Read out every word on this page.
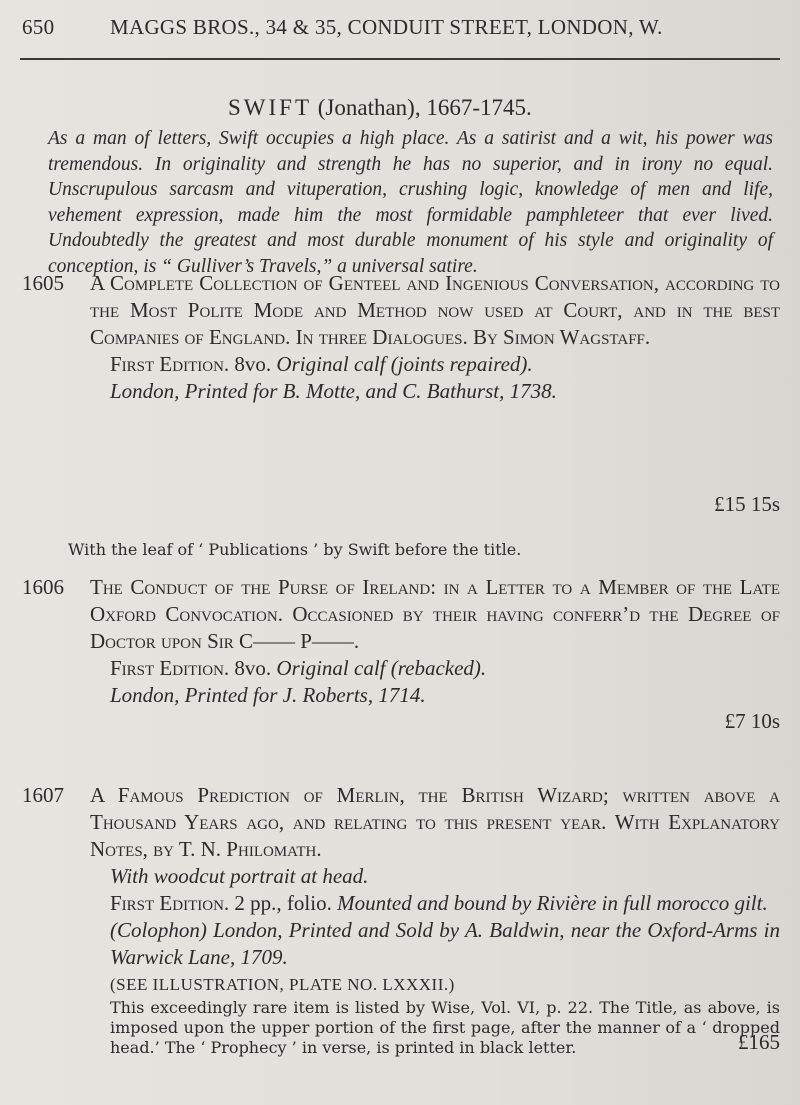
650	MAGGS BROS., 34 & 35, CONDUIT STREET, LONDON, W.
SWIFT (Jonathan), 1667-1745.
As a man of letters, Swift occupies a high place. As a satirist and a wit, his power was tremendous. In originality and strength he has no superior, and in irony no equal. Unscrupulous sarcasm and vituperation, crushing logic, knowledge of men and life, vehement expression, made him the most formidable pamphleteer that ever lived. Undoubtedly the greatest and most durable monument of his style and originality of conception, is “ Gulliver’s Travels,” a universal satire.
1605 A Complete Collection of Genteel and Ingenious Conversation, according to the Most Polite Mode and Method now used at Court, and in the best Companies of England. In three Dialogues. By Simon Wagstaff.
First Edition. 8vo. Original calf (joints repaired).
London, Printed for B. Motte, and C. Bathurst, 1738.
£15 15s
With the leaf of ‘ Publications ’ by Swift before the title.
1606 The Conduct of the Purse of Ireland: in a Letter to a Member of the Late Oxford Convocation. Occasioned by their having conferr’d the Degree of Doctor upon Sir C—— P——.
First Edition. 8vo. Original calf (rebacked).
London, Printed for J. Roberts, 1714.
£7 10s
1607 A Famous Prediction of Merlin, the British Wizard; written above a Thousand Years ago, and relating to this present year. With Explanatory Notes, by T. N. Philomath.
With woodcut portrait at head.
First Edition. 2 pp., folio. Mounted and bound by Rivière in full morocco gilt.
(Colophon) London, Printed and Sold by A. Baldwin, near the Oxford-Arms in Warwick Lane, 1709.
(SEE ILLUSTRATION, PLATE NO. LXXXII.)
This exceedingly rare item is listed by Wise, Vol. VI, p. 22. The Title, as above, is imposed upon the upper portion of the first page, after the manner of a ‘ dropped head.’ The ‘ Prophecy ’ in verse, is printed in black letter.	£165
